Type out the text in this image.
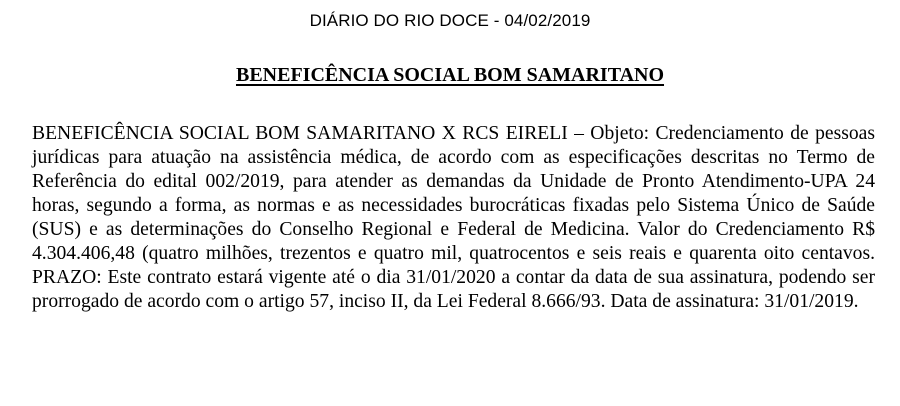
DIÁRIO DO RIO DOCE - 04/02/2019
BENEFICÊNCIA SOCIAL BOM SAMARITANO

BENEFICÊNCIA SOCIAL BOM SAMARITANO X RCS EIRELI – Objeto: Credenciamento de pessoas jurídicas para atuação na assistência médica, de acordo com as especificações descritas no Termo de Referência do edital 002/2019, para atender as demandas da Unidade de Pronto Atendimento-UPA 24 horas, segundo a forma, as normas e as necessidades burocráticas fixadas pelo Sistema Único de Saúde (SUS) e as determinações do Conselho Regional e Federal de Medicina. Valor do Credenciamento R$ 4.304.406,48 (quatro milhões, trezentos e quatro mil, quatrocentos e seis reais e quarenta oito centavos. PRAZO: Este contrato estará vigente até o dia 31/01/2020 a contar da data de sua assinatura, podendo ser prorrogado de acordo com o artigo 57, inciso II, da Lei Federal 8.666/93. Data de assinatura: 31/01/2019.
